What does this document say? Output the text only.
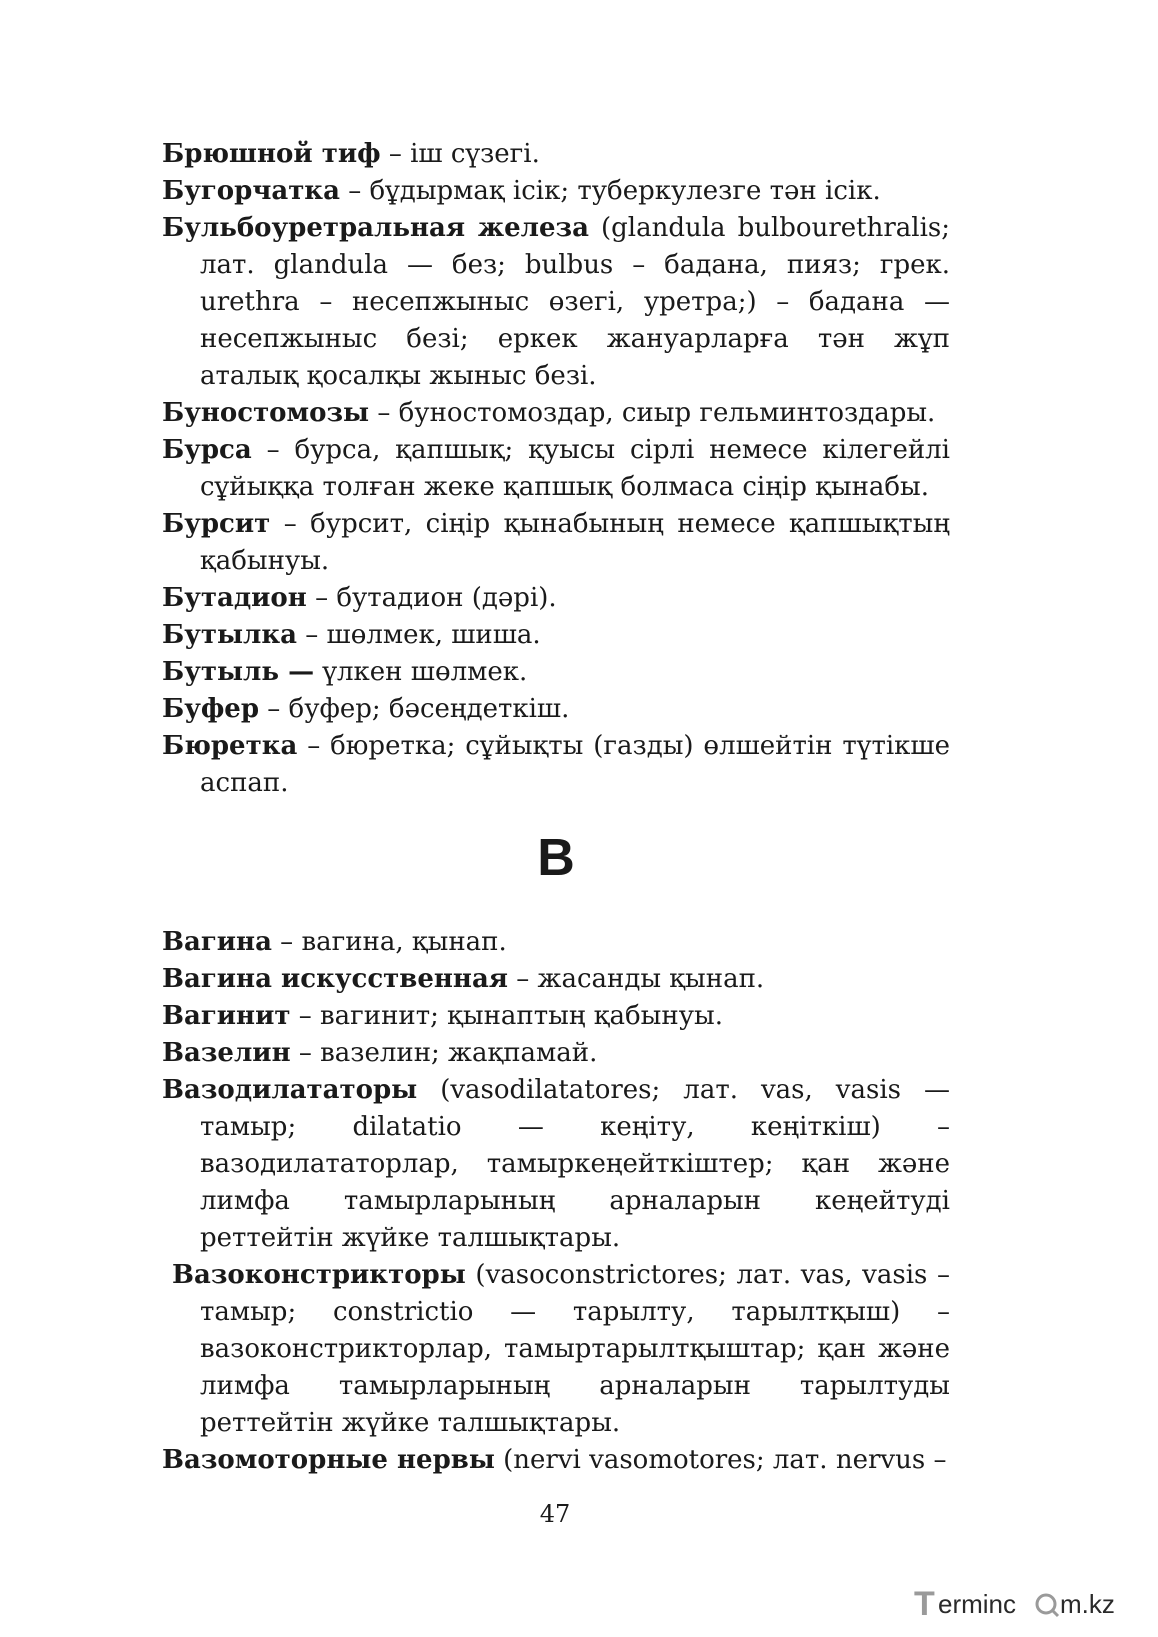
Брюшной тиф – іш сүзегі.

Бугорчатка – бұдырмақ ісік; туберкулезге тән ісік.

Бульбоуретральная железа (glandula bulbourethralis; лат. glandula — без; bulbus – бадана, пияз; грек. urethra – несепжыныс өзегі, уретра;) – бадана — несепжыныс безі; еркек жануарларға тән жұп аталық қосалқы жыныс безі.

Буностомозы – буностомоздар, сиыр гельминтоздары.

Бурса – бурса, қапшық; қуысы сірлі немесе кілегейлі сұйыққа толған жеке қапшық болмаса сіңір қынабы.

Бурсит – бурсит, сіңір қынабының немесе қапшықтың қабынуы.

Бутадион – бутадион (дәрі).

Бутылка – шөлмек, шиша.

Бутыль — үлкен шөлмек.

Буфер – буфер; бәсеңдеткіш.

Бюретка – бюретка; сұйықты (газды) өлшейтін түтікше аспап.

В

Вагина – вагина, қынап.

Вагина искусственная – жасанды қынап.

Вагинит – вагинит; қынаптың қабынуы.

Вазелин – вазелин; жақпамай.

Вазодилататоры (vasodilatatores; лат. vas, vasis — тамыр; dilatatio — кеңіту, кеңіткіш) – вазодилататорлар, тамыркеңейткіштер; қан және лимфа тамырларының арналарын кеңейтуді реттейтін жүйке талшықтары.

Вазоконстрикторы (vasoconstrictores; лат. vas, vasis – тамыр; constrictio — тарылту, тарылтқыш) – вазоконстрикторлар, тамыртарылтқыштар; қан және лимфа тамырларының арналарын тарылтуды реттейтін жүйке талшықтары.

Вазомоторные нервы (nervi vasomotores; лат. nervus –

47
T erminc m.kz
